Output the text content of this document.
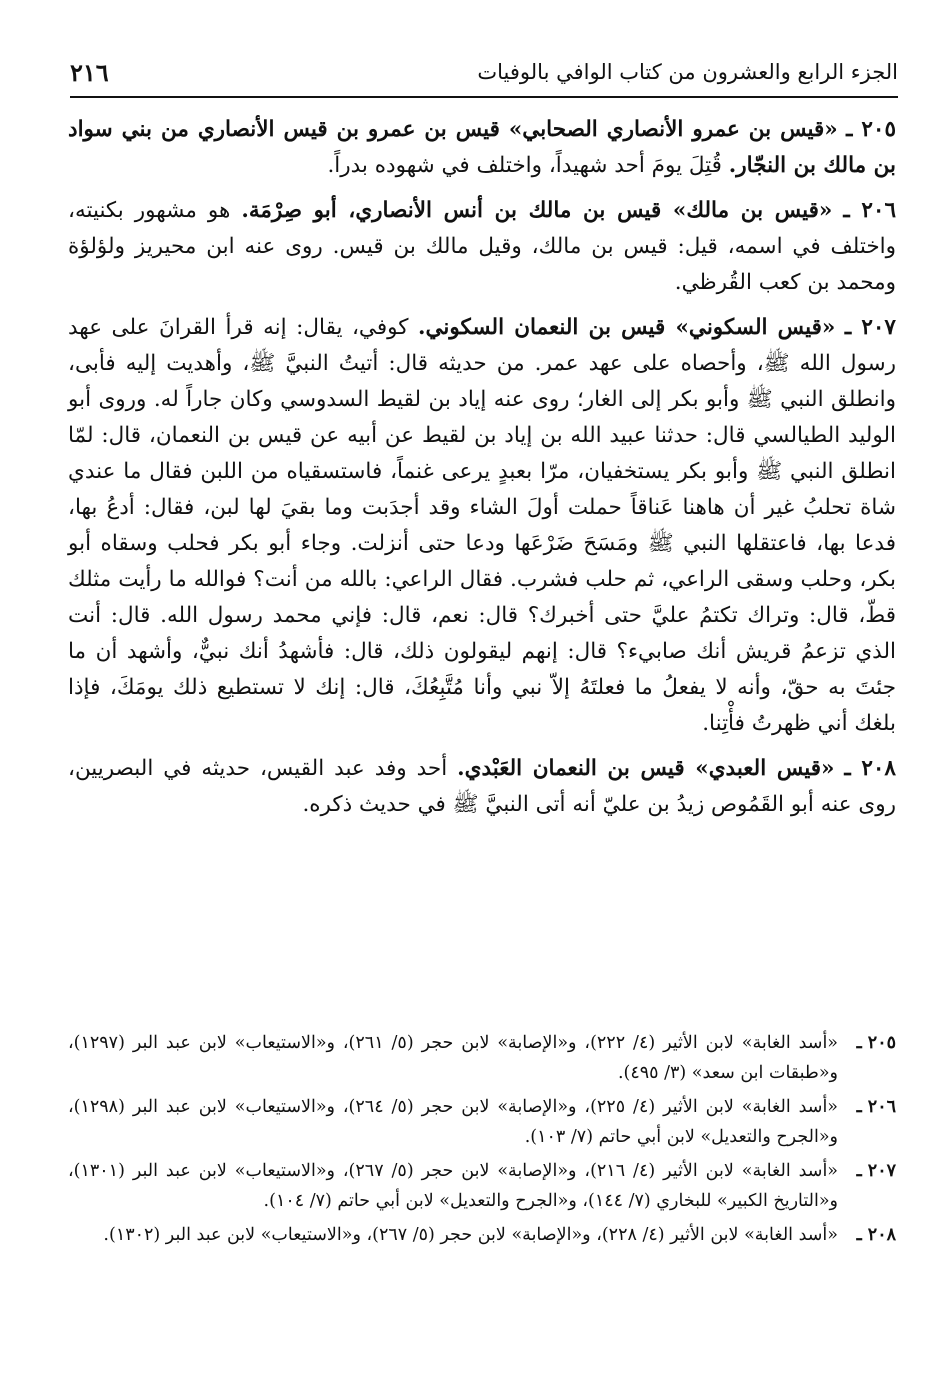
٢١٦	الجزء الرابع والعشرون من كتاب الوافي بالوفيات

٢٠٥ ـ «قيس بن عمرو الأنصاري الصحابي» قيس بن عمرو بن قيس الأنصاري من بني سواد بن مالك بن النجّار. قُتِلَ يومَ أحد شهيداً، واختلف في شهوده بدراً.

٢٠٦ ـ «قيس بن مالك» قيس بن مالك بن أنس الأنصاري، أبو صِرْمَة. هو مشهور بكنيته، واختلف في اسمه، قيل: قيس بن مالك، وقيل مالك بن قيس. روى عنه ابن محيريز ولؤلؤة ومحمد بن كعب القُرظي.

٢٠٧ ـ «قيس السكوني» قيس بن النعمان السكوني. كوفي، يقال: إنه قرأ القرانَ على عهد رسول الله ﷺ، وأحصاه على عهد عمر. من حديثه قال: أتيتُ النبيَّ ﷺ، وأهديت إليه فأبى، وانطلق النبي ﷺ وأبو بكر إلى الغار؛ روى عنه إياد بن لقيط السدوسي وكان جاراً له. وروى أبو الوليد الطيالسي قال: حدثنا عبيد الله بن إياد بن لقيط عن أبيه عن قيس بن النعمان، قال: لمّا انطلق النبي ﷺ وأبو بكر يستخفيان، مرّا بعبدٍ يرعى غنماً، فاستسقياه من اللبن فقال ما عندي شاة تحلبُ غير أن هاهنا عَناقاً حملت أولَ الشاء وقد أجدَبت وما بقيَ لها لبن، فقال: أدعُ بها، فدعا بها، فاعتقلها النبي ﷺ ومَسَحَ ضَرْعَها ودعا حتى أنزلت. وجاء أبو بكر فحلب وسقاه أبو بكر، وحلب وسقى الراعي، ثم حلب فشرب. فقال الراعي: بالله من أنت؟ فوالله ما رأيت مثلك قطّ، قال: وتراك تكتمُ عليَّ حتى أخبرك؟ قال: نعم، قال: فإني محمد رسول الله. قال: أنت الذي تزعمُ قريش أنك صابيء؟ قال: إنهم ليقولون ذلك، قال: فأشهدُ أنك نبيٌّ، وأشهد أن ما جئتَ به حقّ، وأنه لا يفعلُ ما فعلتَهُ إلاّ نبي وأنا مُتَّبِعُكَ، قال: إنك لا تستطيع ذلك يومَكَ، فإذا بلغك أني ظهرتُ فأْتِنا.

٢٠٨ ـ «قيس العبدي» قيس بن النعمان العَبْدي. أحد وفد عبد القيس، حديثه في البصريين، روى عنه أبو القَمُوص زيدُ بن عليّ أنه أتى النبيَّ ﷺ في حديث ذكره.

٢٠٥ ـ
«أسد الغابة» لابن الأثير (٤/ ٢٢٢)، و«الإصابة» لابن حجر (٥/ ٢٦١)، و«الاستيعاب» لابن عبد البر (١٢٩٧)، و«طبقات ابن سعد» (٣/ ٤٩٥).
٢٠٦ ـ
«أسد الغابة» لابن الأثير (٤/ ٢٢٥)، و«الإصابة» لابن حجر (٥/ ٢٦٤)، و«الاستيعاب» لابن عبد البر (١٢٩٨)، و«الجرح والتعديل» لابن أبي حاتم (٧/ ١٠٣).
٢٠٧ ـ
«أسد الغابة» لابن الأثير (٤/ ٢١٦)، و«الإصابة» لابن حجر (٥/ ٢٦٧)، و«الاستيعاب» لابن عبد البر (١٣٠١)، و«التاريخ الكبير» للبخاري (٧/ ١٤٤)، و«الجرح والتعديل» لابن أبي حاتم (٧/ ١٠٤).
٢٠٨ ـ
«أسد الغابة» لابن الأثير (٤/ ٢٢٨)، و«الإصابة» لابن حجر (٥/ ٢٦٧)، و«الاستيعاب» لابن عبد البر (١٣٠٢).
